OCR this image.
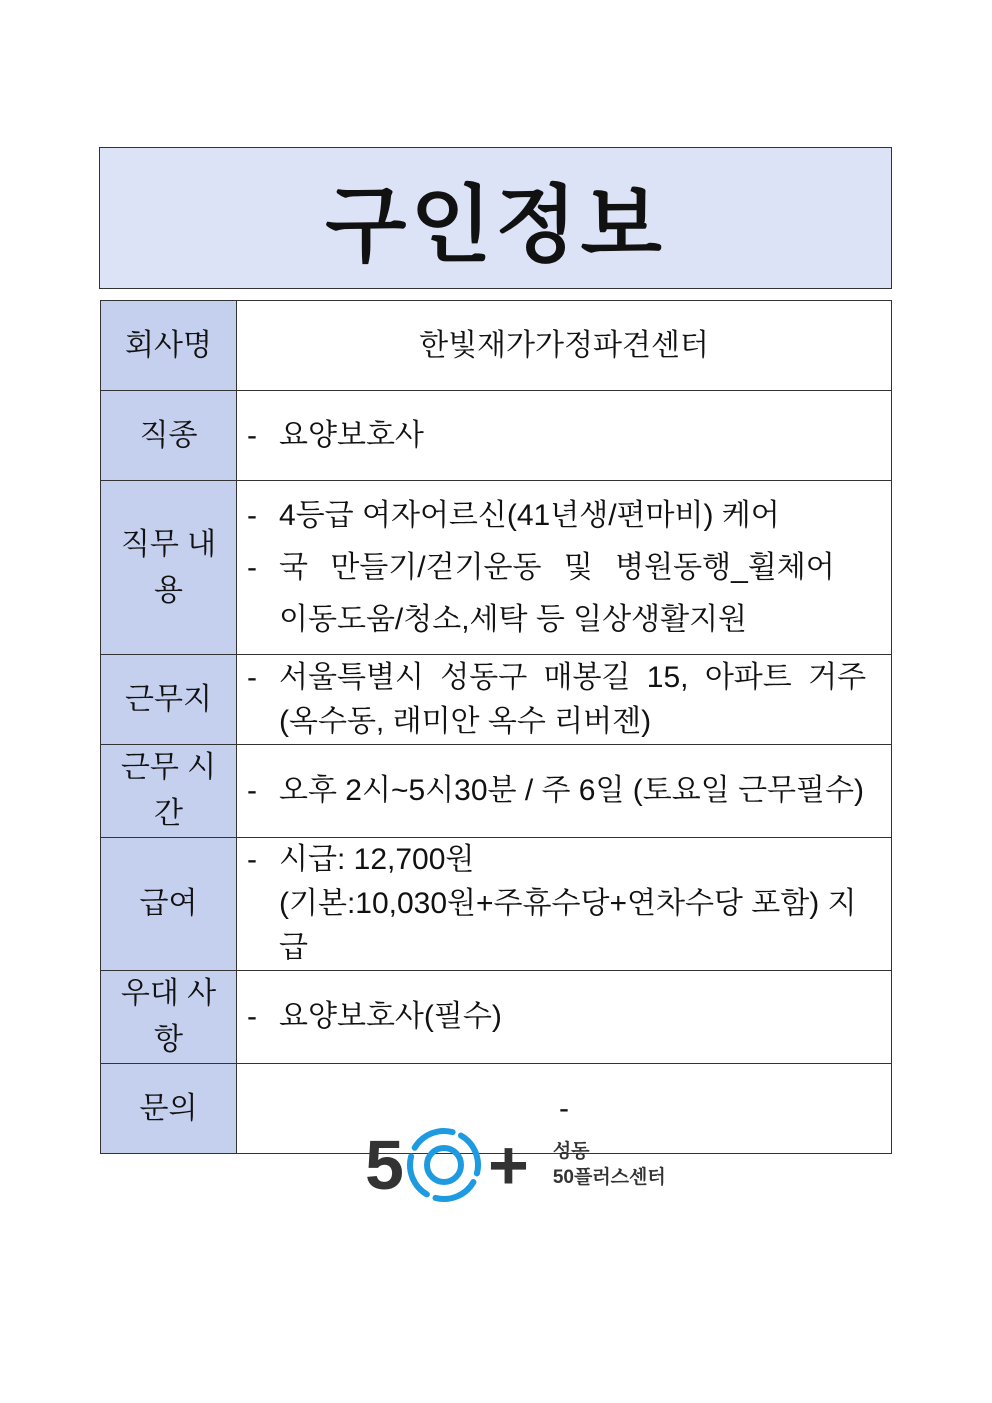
구인정보
회사명	한빛재가가정파견센터
직종	- 요양보호사

직무 내용	- 4등급 여자어르신(41년생/편마비) 케어
- 국 만들기/걷기운동 및 병원동행_휠체어
이동도움/청소,세탁 등 일상생활지원

근무지	- 서울특별시 성동구 매봉길 15, 아파트 거주
(옥수동, 래미안 옥수 리버젠)

근무 시간	- 오후 2시~5시30분 / 주 6일 (토요일 근무필수)

급여	- 시급: 12,700원
(기본:10,030원+주휴수당+연차수당 포함) 지급

우대 사항	- 요양보호사(필수)

문의	-
5 + 성동
50플러스센터
